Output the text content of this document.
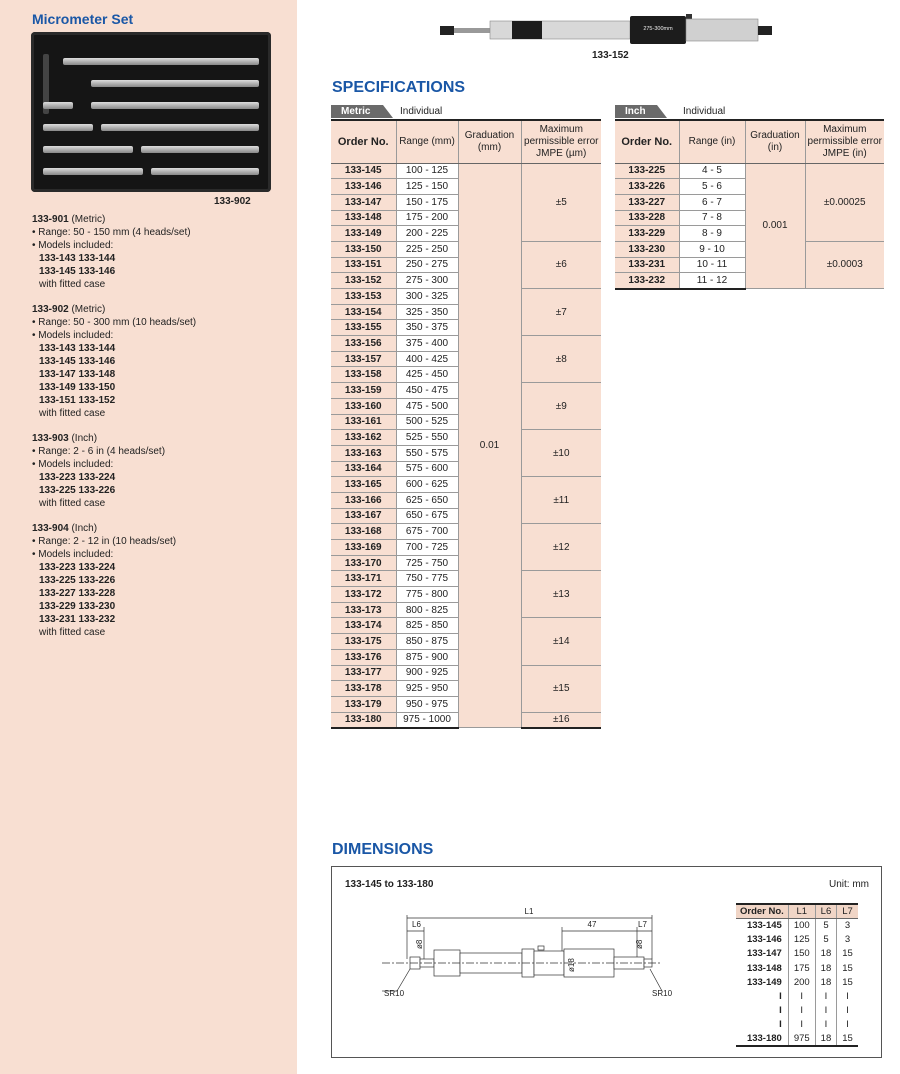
Micrometer Set
133-902
133-901 (Metric)
• Range: 50 - 150 mm (4 heads/set)
• Models included:
133-143 133-144
133-145 133-146
with fitted case
133-902 (Metric)
• Range: 50 - 300 mm (10 heads/set)
• Models included:
133-143 133-144
133-145 133-146
133-147 133-148
133-149 133-150
133-151 133-152
with fitted case
133-903 (Inch)
• Range: 2 - 6 in (4 heads/set)
• Models included:
133-223 133-224
133-225 133-226
with fitted case
133-904 (Inch)
• Range: 2 - 12 in (10 heads/set)
• Models included:
133-223 133-224
133-225 133-226
133-227 133-228
133-229 133-230
133-231 133-232
with fitted case
275-300mm
133-152
SPECIFICATIONS
Metric	Individual
Order No.	Range (mm)	Graduation (mm)	Maximum permissible error JMPE (µm)
133-145	100 - 125	0.01	±5
133-146	125 - 150		
133-147	150 - 175		
133-148	175 - 200		
133-149	200 - 225		
133-150	225 - 250		±6
133-151	250 - 275		
133-152	275 - 300		
133-153	300 - 325		±7
133-154	325 - 350		
133-155	350 - 375		
133-156	375 - 400		±8
133-157	400 - 425		
133-158	425 - 450		
133-159	450 - 475		±9
133-160	475 - 500		
133-161	500 - 525		
133-162	525 - 550		±10
133-163	550 - 575		
133-164	575 - 600		
133-165	600 - 625		±11
133-166	625 - 650		
133-167	650 - 675		
133-168	675 - 700		±12
133-169	700 - 725		
133-170	725 - 750		
133-171	750 - 775		±13
133-172	775 - 800		
133-173	800 - 825		
133-174	825 - 850		±14
133-175	850 - 875		
133-176	875 - 900		
133-177	900 - 925		±15
133-178	925 - 950		
133-179	950 - 975		
133-180	975 - 1000		±16
Inch	Individual
Order No.	Range (in)	Graduation (in)	Maximum permissible error JMPE (in)
133-225	4 - 5	0.001	±0.00025
133-226	5 - 6		
133-227	6 - 7		
133-228	7 - 8		
133-229	8 - 9		
133-230	9 - 10		±0.0003
133-231	10 - 11		
133-232	11 - 12		
DIMENSIONS
133-145 to 133-180	Unit: mm
L1
L6	L7
47
SR10	SR10
ø8
ø18
ø8
Order No.	L1	L6	L7
133-145	100	5	3
133-146	125	5	3
133-147	150	18	15
133-148	175	18	15
133-149	200	18	15
I	I	I	I
I	I	I	I
I	I	I	I
133-180	975	18	15
